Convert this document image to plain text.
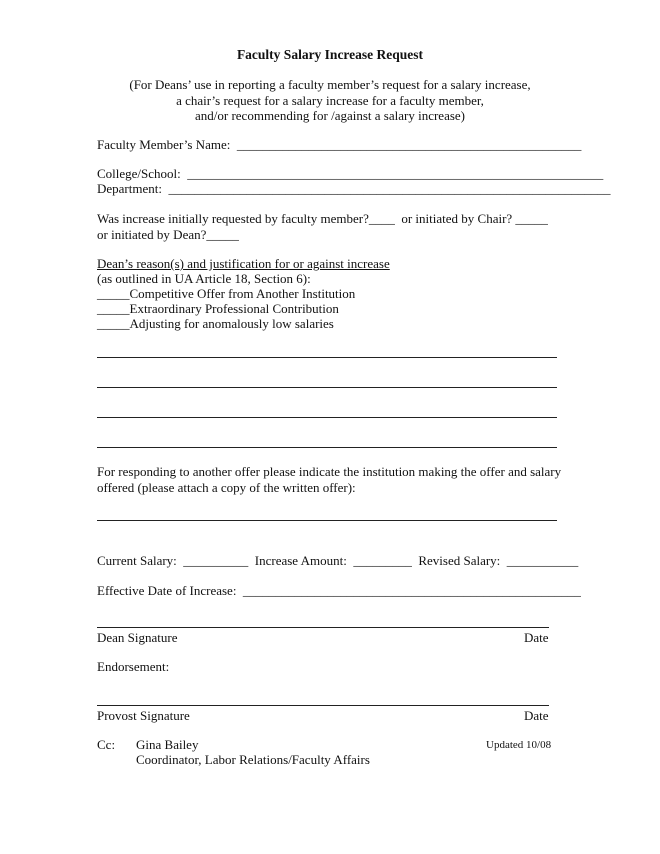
Faculty Salary Increase Request
(For Deans’ use in reporting a faculty member’s request for a salary increase,
a chair’s request for a salary increase for a faculty member,
and/or recommending for /against a salary increase)
Faculty Member’s Name:  _____________________________________________________
College/School:  ________________________________________________________________
Department:  ____________________________________________________________________
Was increase initially requested by faculty member?____  or initiated by Chair? _____
or initiated by Dean?_____
Dean’s reason(s) and justification for or against increase
(as outlined in UA Article 18, Section 6):
_____Competitive Offer from Another Institution
_____Extraordinary Professional Contribution
_____Adjusting for anomalously low salaries
For responding to another offer please indicate the institution making the offer and salary
offered (please attach a copy of the written offer):
Current Salary:  __________  Increase Amount:  _________  Revised Salary:  ___________
Effective Date of Increase:  ____________________________________________________
Dean Signature	Date
Endorsement:
Provost Signature	Date
Cc: Gina Bailey
Coordinator, Labor Relations/Faculty Affairs
Updated 10/08
